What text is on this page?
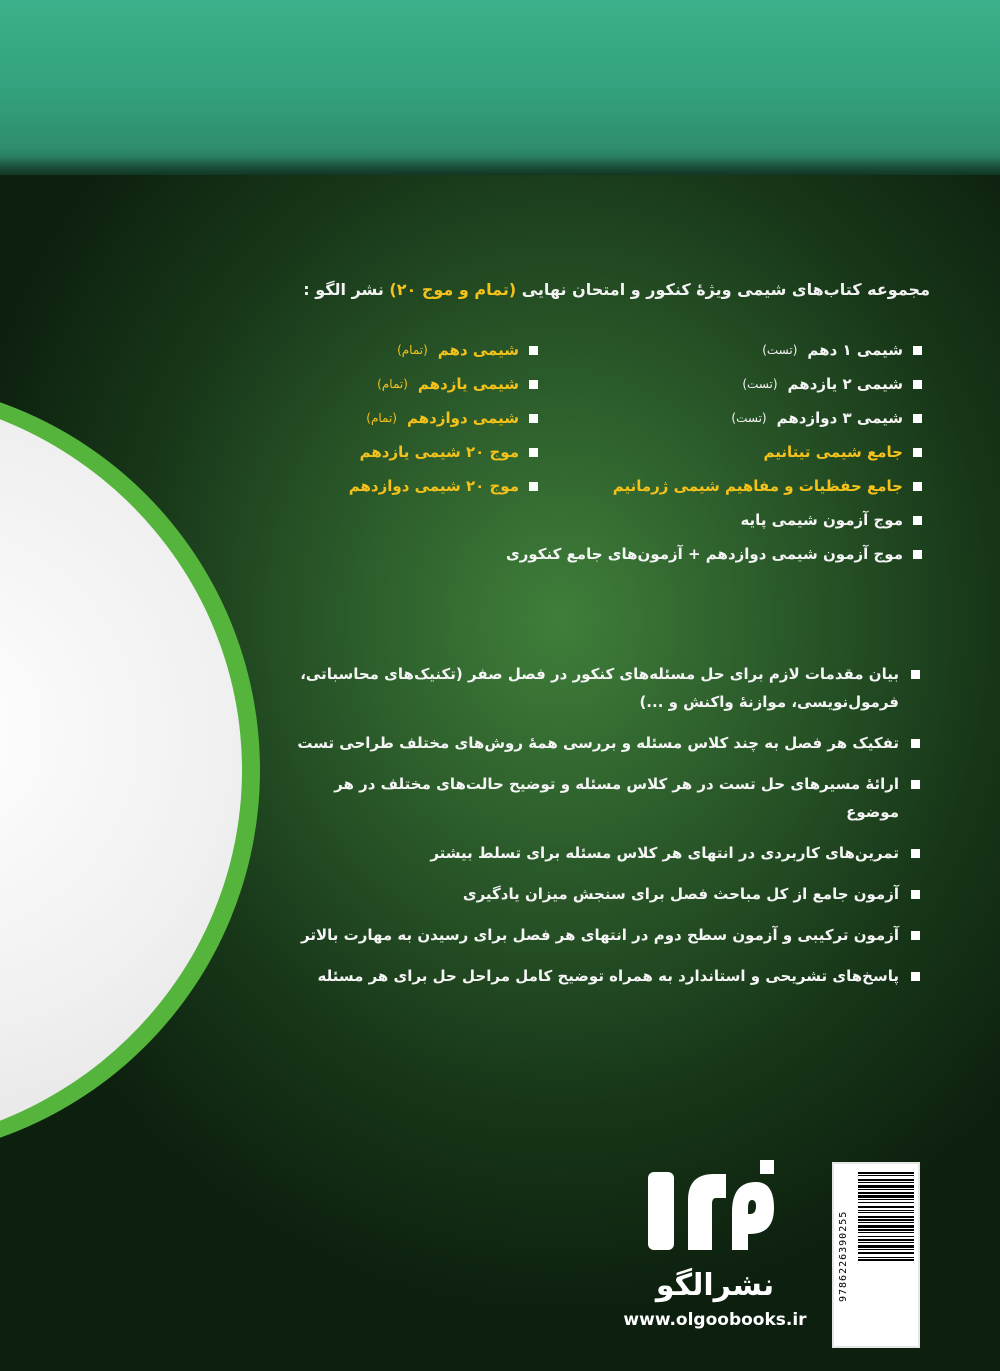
مجموعه کتاب‌های شیمی ویژهٔ کنکور و امتحان نهایی (تمام و موج ۲۰) نشر الگو :
شیمی ۱ دهم
(تست)
شیمی ۲ یازدهم
(تست)
شیمی ۳ دوازدهم
(تست)
جامع شیمی تیتانیم
جامع حفظیات و مفاهیم شیمی ژرمانیم
موج آزمون شیمی پایه
موج آزمون شیمی دوازدهم + آزمون‌های جامع کنکوری
شیمی دهم
(تمام)
شیمی یازدهم
(تمام)
شیمی دوازدهم
(تمام)
موج ۲۰ شیمی یازدهم
موج ۲۰ شیمی دوازدهم
بیان مقدمات لازم برای حل مسئله‌های کنکور در فصل صفر (تکنیک‌های محاسباتی، فرمول‌نویسی، موازنهٔ واکنش و ...)
تفکیک هر فصل به چند کلاس مسئله و بررسی همهٔ روش‌های مختلف طراحی تست
ارائهٔ مسیرهای حل تست در هر کلاس مسئله و توضیح حالت‌های مختلف در هر موضوع
تمرین‌های کاربردی در انتهای هر کلاس مسئله برای تسلط بیشتر
آزمون جامع از کل مباحث فصل برای سنجش میزان یادگیری
آزمون ترکیبی و آزمون سطح دوم در انتهای هر فصل برای رسیدن به مهارت بالاتر
پاسخ‌های تشریحی و استاندارد به همراه توضیح کامل مراحل حل برای هر مسئله
نشرالگو
www.olgoobooks.ir
9786226390255
